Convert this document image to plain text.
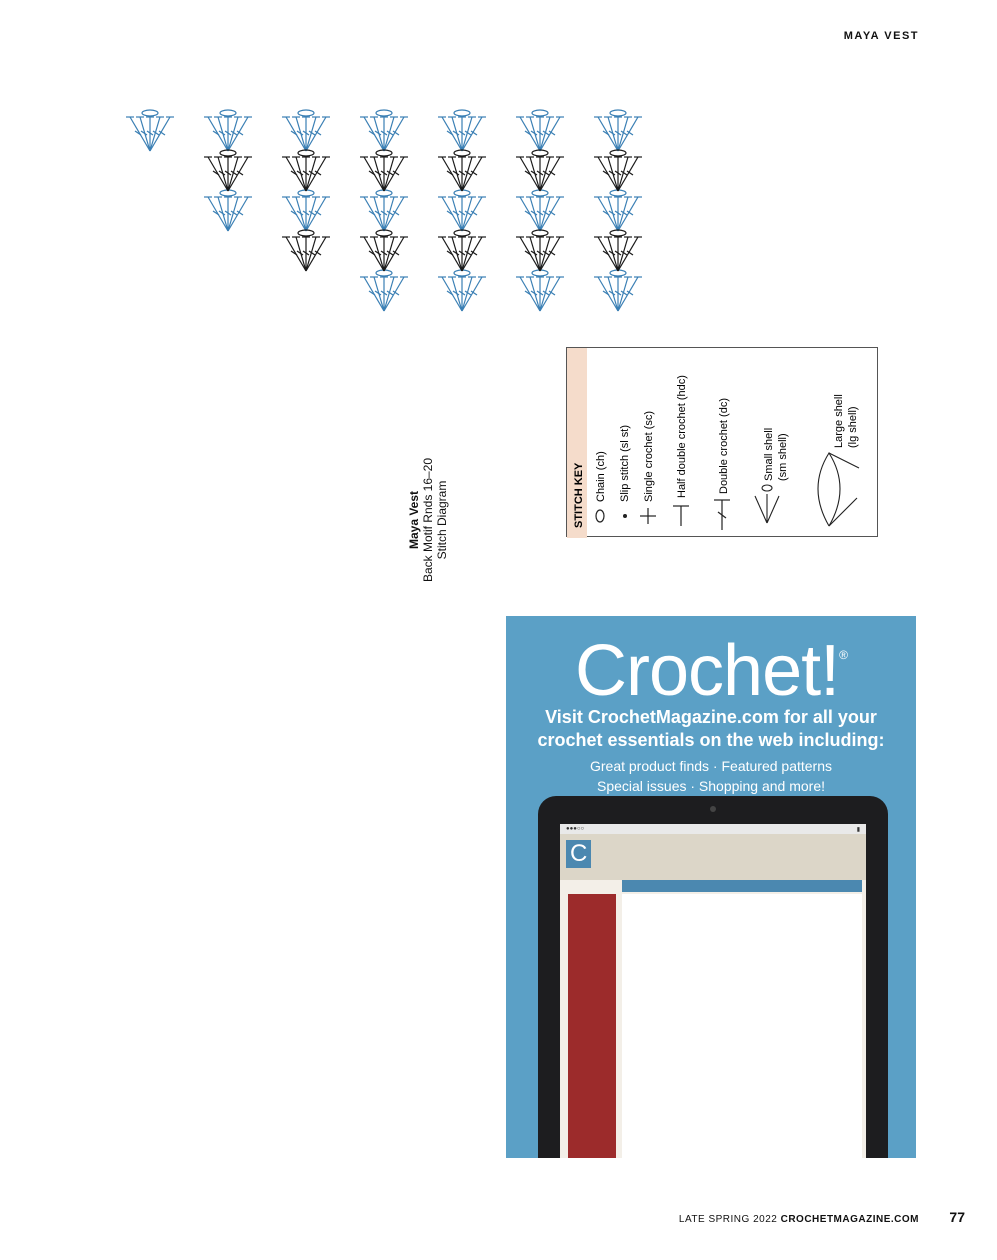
MAYA VEST
Maya Vest Back Motif Rnds 16–20 Stitch Diagram	STITCH KEY Chain (ch) Slip stitch (sl st) Single crochet (sc) Half double crochet (hdc)	Double crochet (dc)	Small shell (sm shell)
Large shell (lg shell)
Crochet!®
Visit CrochetMagazine.com for all your
crochet essentials on the web including:
Great product finds · Featured patterns
Special issues · Shopping and more!
●●●○○	▮
C
LATE SPRING 2022 CROCHETMAGAZINE.COM 77
